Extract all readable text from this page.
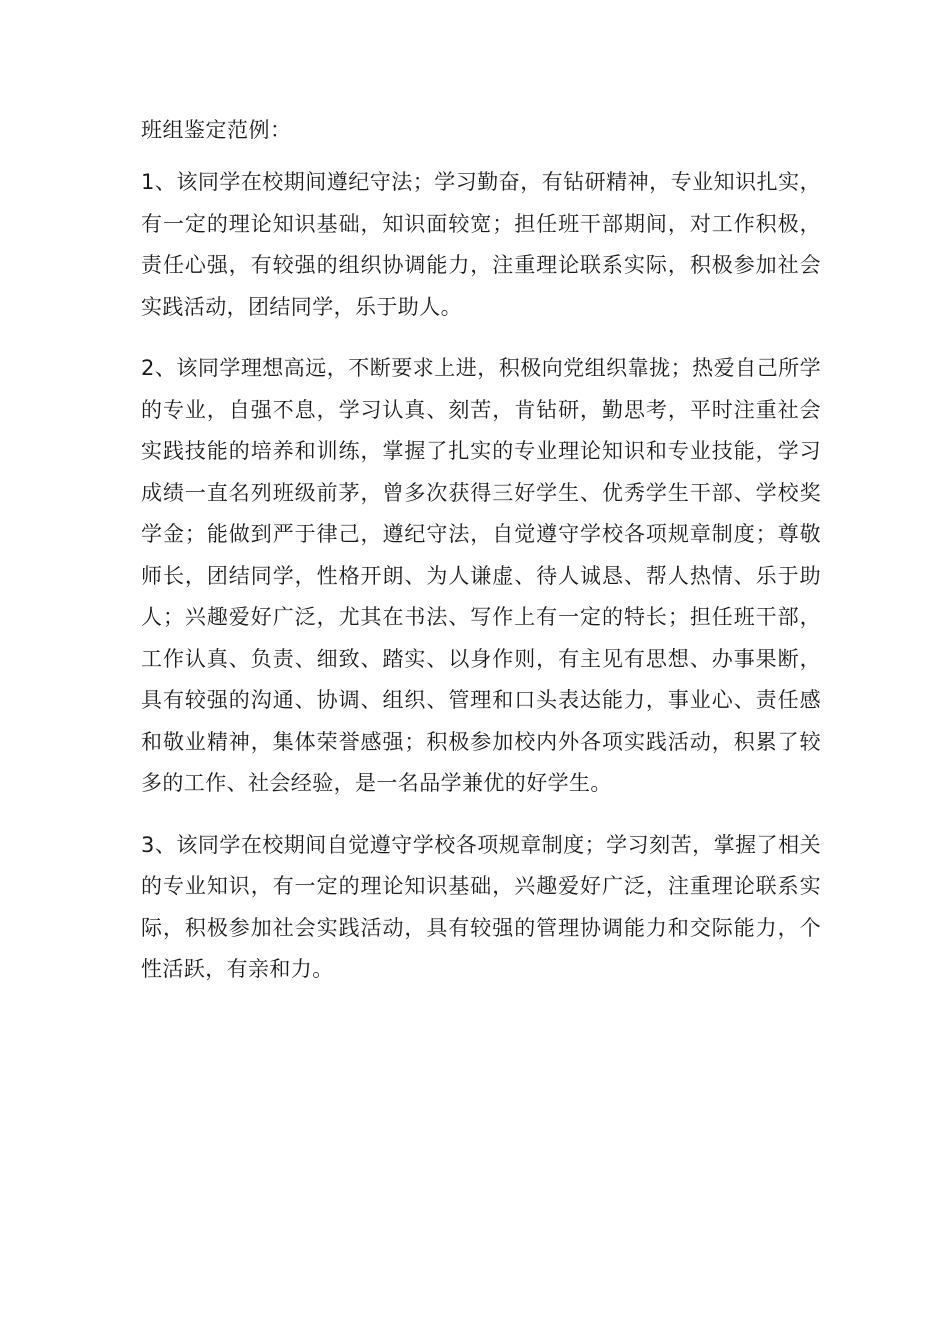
班组鉴定范例：

1、该同学在校期间遵纪守法；学习勤奋，有钻研精神，专业知识扎实，有一定的理论知识基础，知识面较宽；担任班干部期间，对工作积极，责任心强，有较强的组织协调能力，注重理论联系实际，积极参加社会实践活动，团结同学，乐于助人。

2、该同学理想高远，不断要求上进，积极向党组织靠拢；热爱自己所学的专业，自强不息，学习认真、刻苦，肯钻研，勤思考，平时注重社会实践技能的培养和训练，掌握了扎实的专业理论知识和专业技能，学习成绩一直名列班级前茅，曾多次获得三好学生、优秀学生干部、学校奖学金；能做到严于律己，遵纪守法，自觉遵守学校各项规章制度；尊敬师长，团结同学，性格开朗、为人谦虚、待人诚恳、帮人热情、乐于助人；兴趣爱好广泛，尤其在书法、写作上有一定的特长；担任班干部，工作认真、负责、细致、踏实、以身作则，有主见有思想、办事果断，具有较强的沟通、协调、组织、管理和口头表达能力，事业心、责任感和敬业精神，集体荣誉感强；积极参加校内外各项实践活动，积累了较多的工作、社会经验，是一名品学兼优的好学生。

3、该同学在校期间自觉遵守学校各项规章制度；学习刻苦，掌握了相关的专业知识，有一定的理论知识基础，兴趣爱好广泛，注重理论联系实际，积极参加社会实践活动，具有较强的管理协调能力和交际能力，个性活跃，有亲和力。
